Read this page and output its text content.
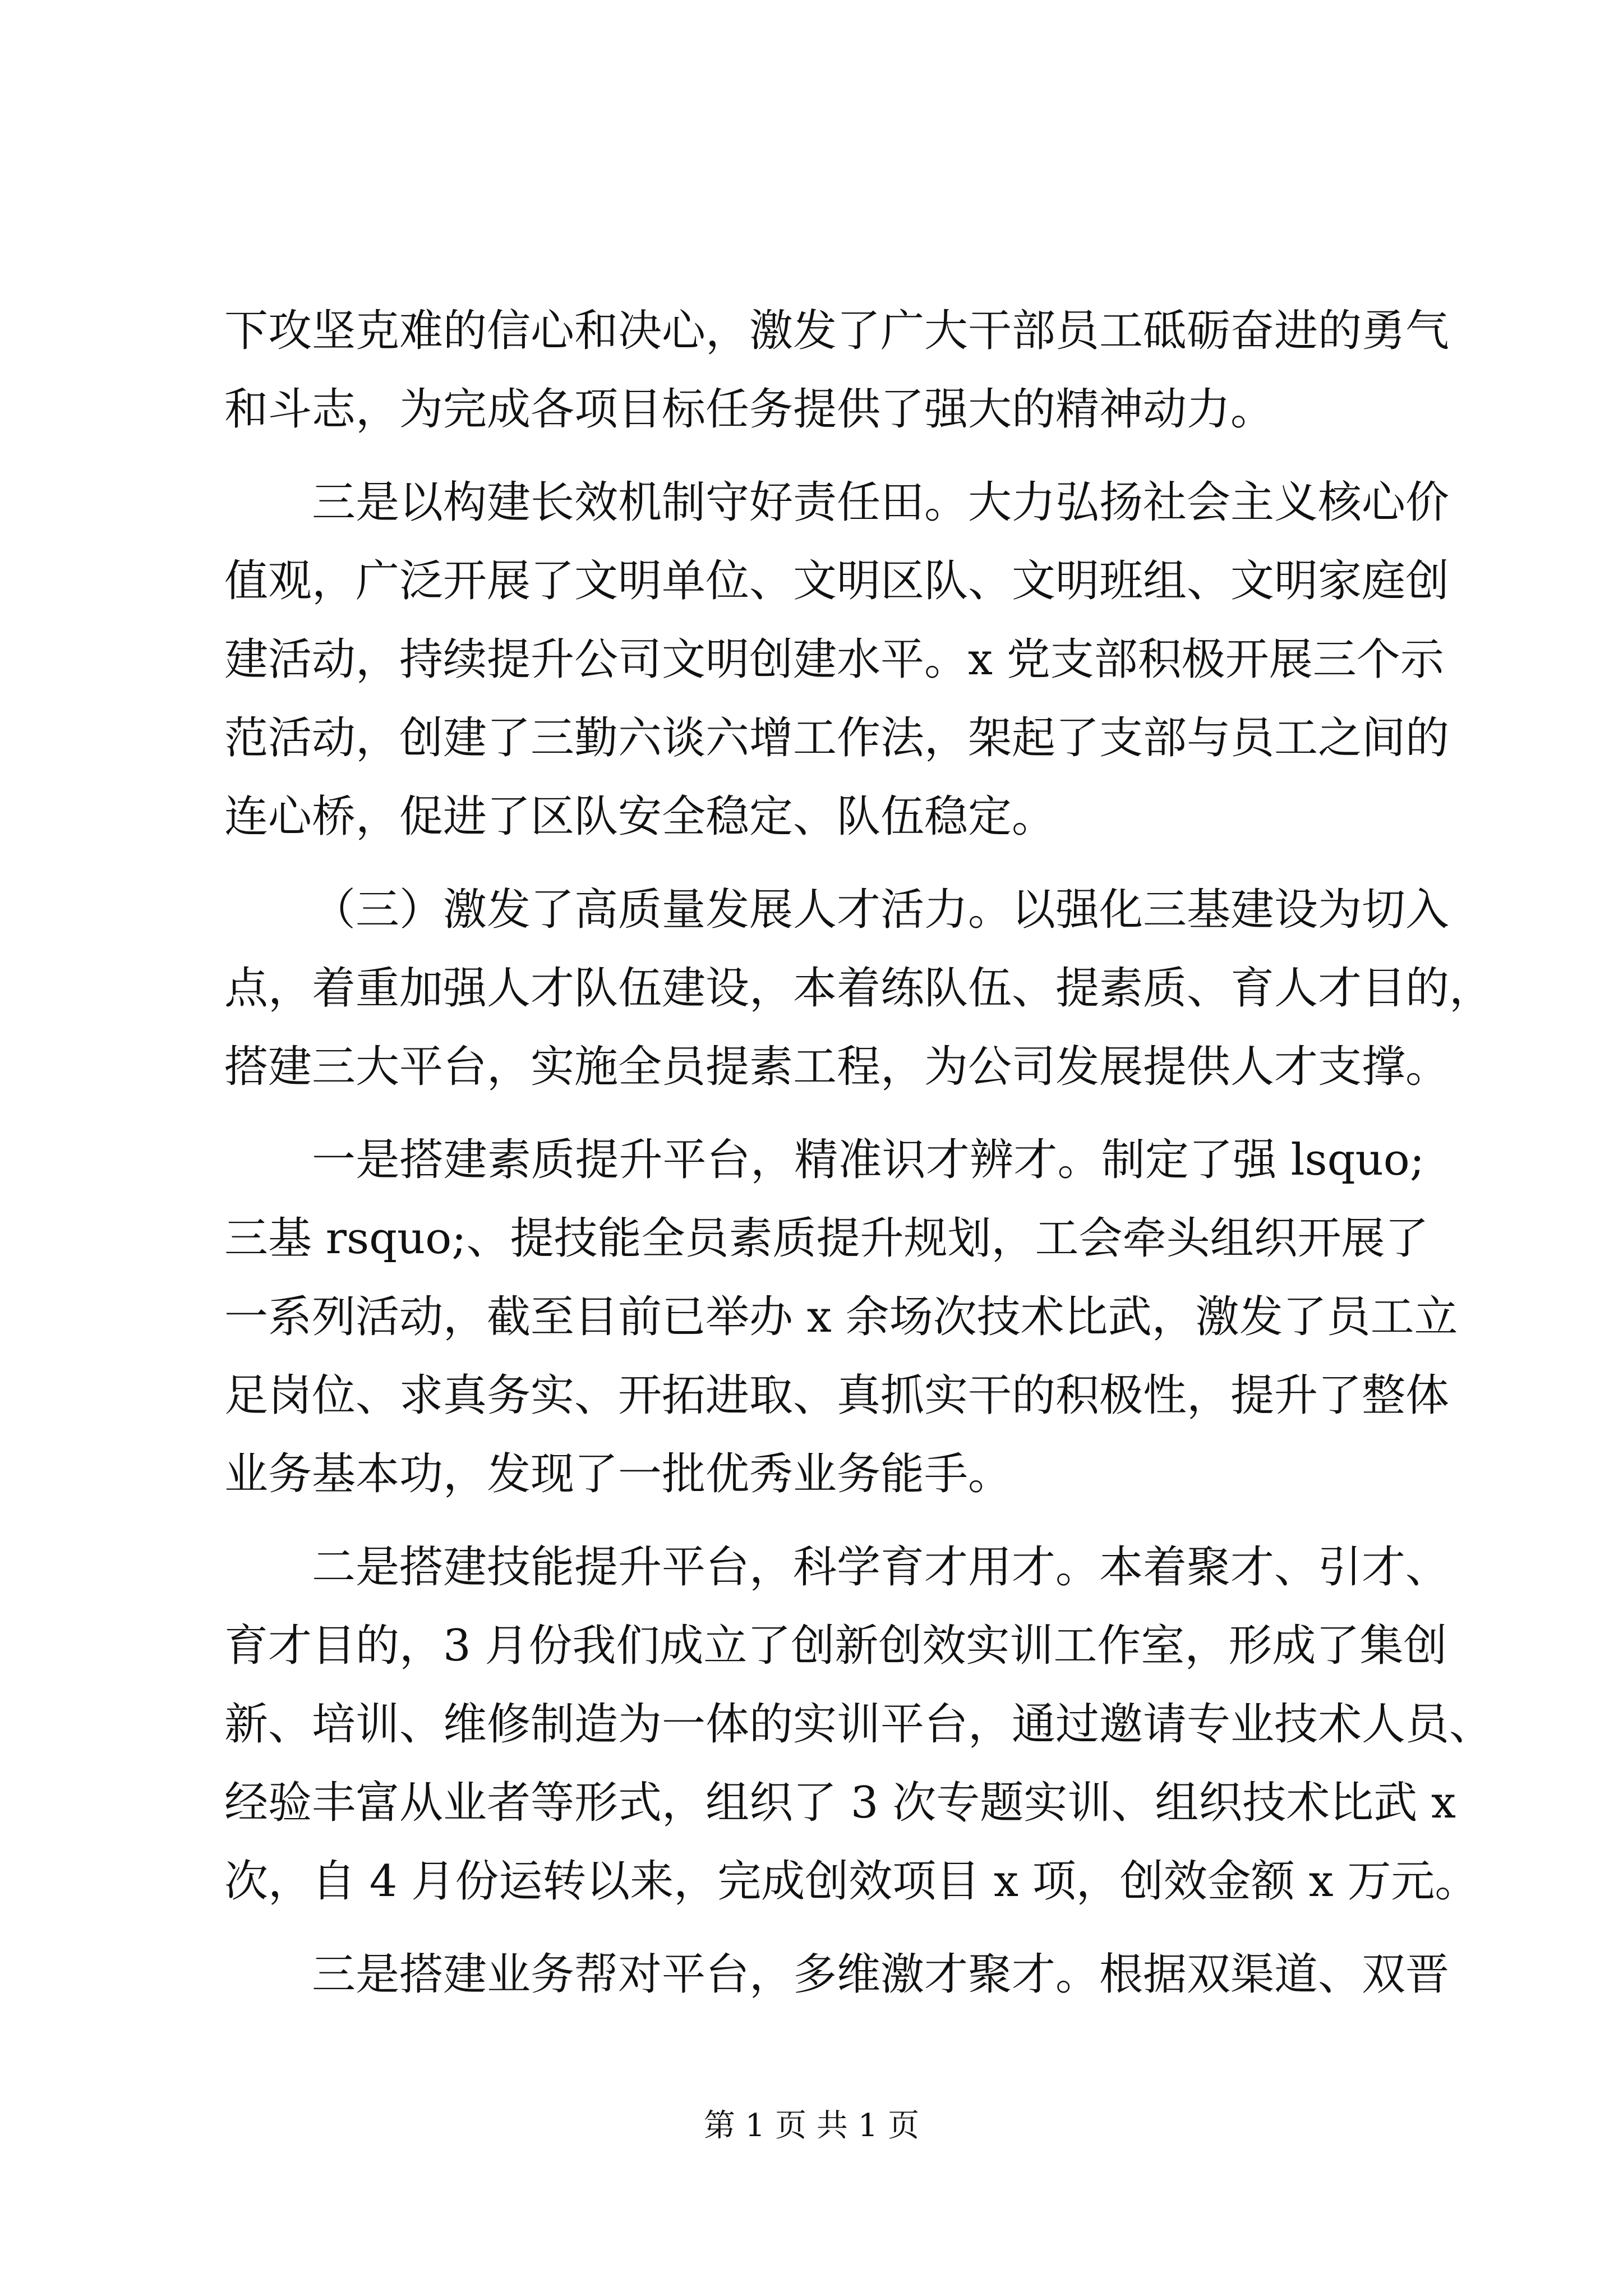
下攻坚克难的信心和决心，激发了广大干部员工砥砺奋进的勇气
和斗志，为完成各项目标任务提供了强大的精神动力。
三是以构建长效机制守好责任田。大力弘扬社会主义核心价
值观，广泛开展了文明单位、文明区队、文明班组、文明家庭创
建活动，持续提升公司文明创建水平。x 党支部积极开展三个示
范活动，创建了三勤六谈六增工作法，架起了支部与员工之间的
连心桥，促进了区队安全稳定、队伍稳定。
（三）激发了高质量发展人才活力。以强化三基建设为切入
点，着重加强人才队伍建设，本着练队伍、提素质、育人才目的，
搭建三大平台，实施全员提素工程，为公司发展提供人才支撑。
一是搭建素质提升平台，精准识才辨才。制定了强 lsquo;
三基 rsquo;、提技能全员素质提升规划，工会牵头组织开展了
一系列活动，截至目前已举办 x 余场次技术比武，激发了员工立
足岗位、求真务实、开拓进取、真抓实干的积极性，提升了整体
业务基本功，发现了一批优秀业务能手。
二是搭建技能提升平台，科学育才用才。本着聚才、引才、
育才目的，3 月份我们成立了创新创效实训工作室，形成了集创
新、培训、维修制造为一体的实训平台，通过邀请专业技术人员、
经验丰富从业者等形式，组织了 3 次专题实训、组织技术比武 x
次，自 4 月份运转以来，完成创效项目 x 项，创效金额 x 万元。
三是搭建业务帮对平台，多维激才聚才。根据双渠道、双晋
第 1 页 共 1 页
